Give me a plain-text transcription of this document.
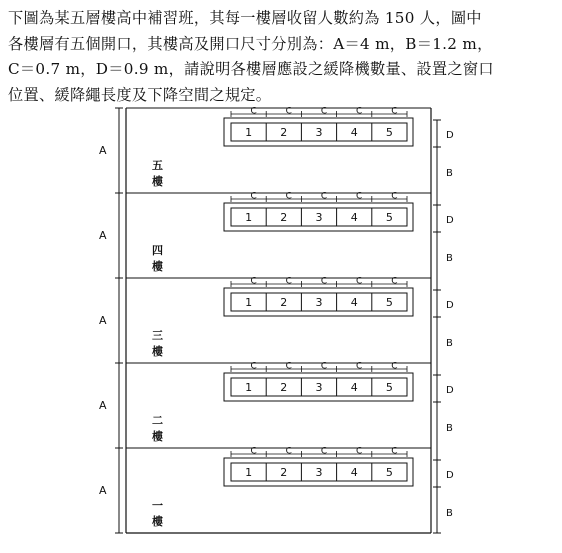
下圖為某五層樓高中補習班，其每一樓層收留人數約為 150 人，圖中
各樓層有五個開口，其樓高及開口尺寸分別為：A＝4 m，B＝1.2 m，
C＝0.7 m，D＝0.9 m，請說明各樓層應設之緩降機數量、設置之窗口
位置、緩降繩長度及下降空間之規定。
A
五
樓
1	2	3	4	5
C	C	C	C	C
D
B
A
四
樓
1	2	3	4	5
C	C	C	C	C
D
B
A
三
樓
1	2	3	4	5
C	C	C	C	C
D
B
A
二
樓
1	2	3	4	5
C	C	C	C	C
D
B
A
一
樓
1	2	3	4	5
C	C	C	C	C
D
B
